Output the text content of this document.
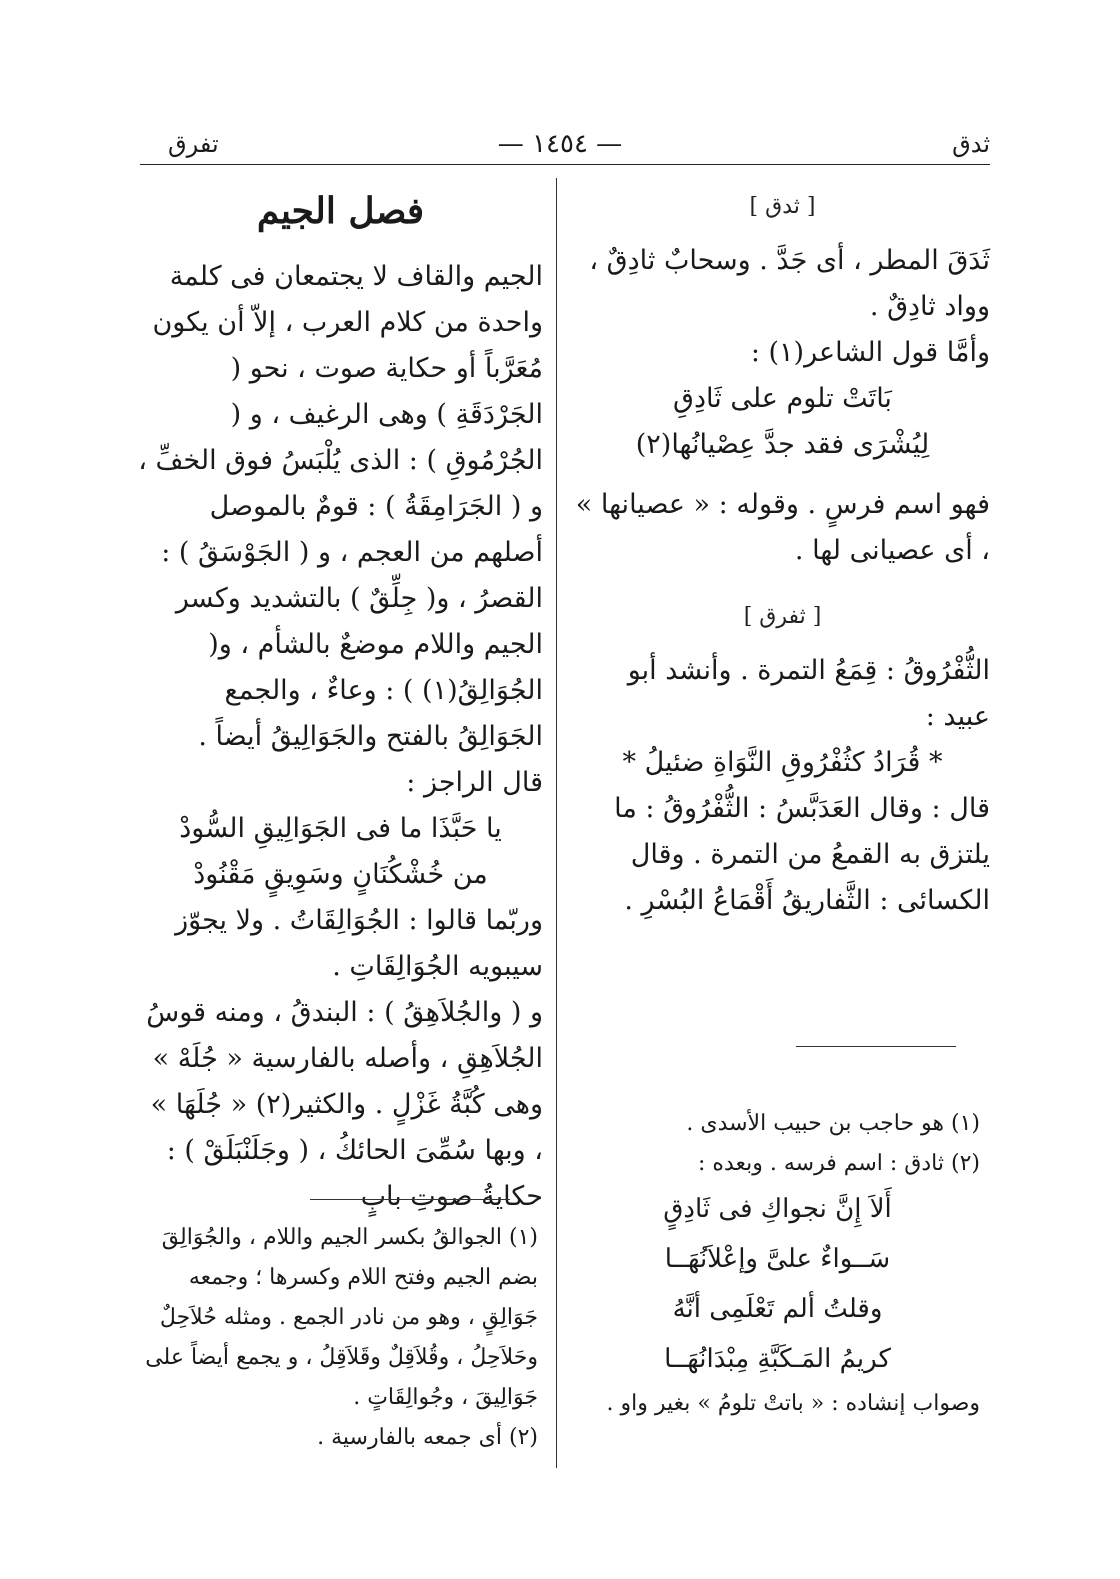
ثدق
— ١٤٥٤ —
تفرق
[ ثدق ]

ثَدَقَ المطر ، أى جَدَّ . وسحابٌ ثادِقٌ ، وواد ثادِقٌ .

وأمَّا قول الشاعر(١) :

بَاتَتْ تلوم على ثَادِقِ
لِيُشْرَى فقد جدَّ عِصْيانُها(٢)

فهو اسم فرسٍ . وقوله : « عصيانها » ، أى عصيانى لها .

[ ثفرق ]

الثُّفْرُوقُ : قِمَعُ التمرة . وأنشد أبو عبيد :

* قُرَادُ كثُفْرُوقِ النَّوَاةِ ضئيلُ *

قال : وقال العَدَبَّسُ : الثُّفْرُوقُ : ما يلتزق به القمعُ من التمرة . وقال الكسائى : الثَّفاريقُ أَقْمَاعُ البُسْرِ .

(١) هو حاجب بن حبيب الأسدى .

(٢) ثادق : اسم فرسه . وبعده :

أَلاَ إِنَّ نجواكِ فى ثَادِقٍ
سَــواءٌ علىَّ وإعْلاَنُهَــا
وقلتُ ألم تَعْلَمِى أنَّهُ
كريمُ المَـكَبَّةِ مِبْدَانُهَــا

وصواب إنشاده : « باتتْ تلومُ » بغير واو .

فصل الجيم

الجيم والقاف لا يجتمعان فى كلمة واحدة من كلام العرب ، إلاّ أن يكون مُعَرَّباً أو حكاية صوت ، نحو ( الجَرْدَقَةِ ) وهى الرغيف ، و ( الجُرْمُوقِ ) : الذى يُلْبَسُ فوق الخفِّ ، و ( الجَرَامِقَةُ ) : قومٌ بالموصل أصلهم من العجم ، و ( الجَوْسَقُ ) : القصرُ ، و( جِلِّقٌ ) بالتشديد وكسر الجيم واللام موضعٌ بالشأم ، و( الجُوَالِقُ(١) ) : وعاءٌ ، والجمع الجَوَالِقُ بالفتح والجَوَالِيقُ أيضاً .

قال الراجز :

يا حَبَّذَا ما فى الجَوَالِيقِ السُّودْ
من خُشْكُنَانٍ وسَوِيقٍ مَقْنُودْ

وربّما قالوا : الجُوَالِقَاتُ . ولا يجوّز سيبويه الجُوَالِقَاتِ .

و ( والجُلاَهِقُ ) : البندقُ ، ومنه قوسُ الجُلاَهِقِ ، وأصله بالفارسية « جُلَهْ » وهى كُبَّةُ غَزْلٍ . والكثير(٢) « جُلَهَا » ، وبها سُمِّىَ الحائكُ ، ( وجَلَنْبَلَقْ ) : حكايةُ صوتِ بابٍ

(١) الجوالقُ بكسر الجيم واللام ، والجُوَالِقَ بضم الجيم وفتح اللام وكسرها ؛ وجمعه جَوَالِقٍ ، وهو من نادر الجمع . ومثله حُلاَحِلٌ وحَلاَحِلُ ، وقُلاَقِلٌ وقَلاَقِلُ ، و يجمع أيضاً على جَوَالِيقَ ، وجُوالِقَاتٍ .

(٢) أى جمعه بالفارسية .
